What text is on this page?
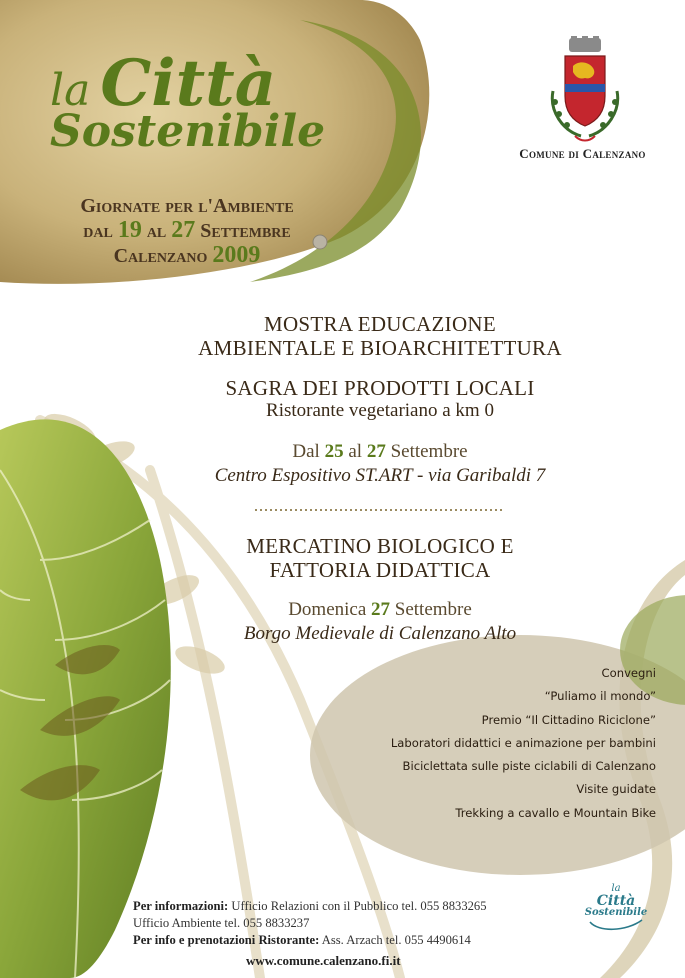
la Città
Sostenibile
Giornate per l'Ambiente
dal 19 al 27 Settembre
Calenzano 2009
Comune di Calenzano
MOSTRA EDUCAZIONE
AMBIENTALE E BIOARCHITETTURA
SAGRA DEI PRODOTTI LOCALI
Ristorante vegetariano a km 0
Dal 25 al 27 Settembre
Centro Espositivo ST.ART - via Garibaldi 7
MERCATINO BIOLOGICO E
FATTORIA DIDATTICA
Domenica 27 Settembre
Borgo Medievale di Calenzano Alto
Convegni
“Puliamo il mondo”
Premio “Il Cittadino Riciclone”
Laboratori didattici e animazione per bambini
Biciclettata sulle piste ciclabili di Calenzano
Visite guidate
Trekking a cavallo e Mountain Bike
Per informazioni: Ufficio Relazioni con il Pubblico tel. 055 8833265
Ufficio Ambiente tel. 055 8833237
Per info e prenotazioni Ristorante: Ass. Arzach tel. 055 4490614
www.comune.calenzano.fi.it
la
Città
Sostenibile
